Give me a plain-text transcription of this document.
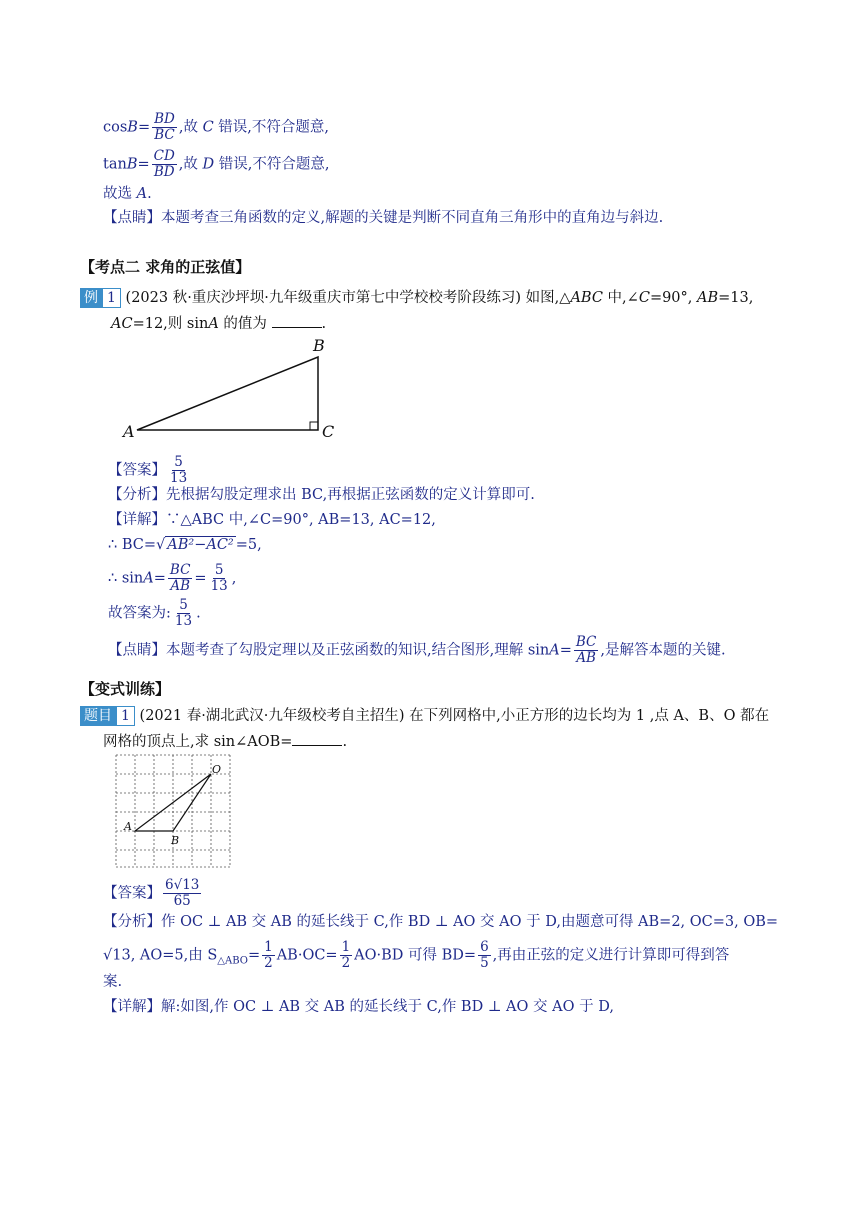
$\cos B= \frac{BD}{BC}$ ,故 C 错误,不符合题意,
$\tan B= \frac{CD}{BD}$ ,故 D 错误,不符合题意,
故选 A.
【点睛】本题考查三角函数的定义,解题的关键是判断不同直角三角形中的直角边与斜边.
【考点二 求角的正弦值】
例 1 (2023 秋·重庆沙坪坝·九年级重庆市第七中学校校考阶段练习) 如图,△ABC 中,∠C=90°, AB=13,
AC=12,则 sinA 的值为	.
A
B
C
【答案】 $\frac{5}{13}$
【分析】先根据勾股定理求出 BC,再根据正弦函数的定义计算即可.
【详解】∵△ABC 中,∠C=90°, AB=13, AC=12,
∴ BC=√ AB²−AC² =5,
∴ $\sin A= \frac{BC}{AB} = \frac{5}{13}$ ,
故答案为: $\frac{5}{13}$ .
【点睛】本题考查了勾股定理以及正弦函数的知识,结合图形,理解 $\sin A= \frac{BC}{AB}$ ,是解答本题的关键.
【变式训练】
题目 1 (2021 春·湖北武汉·九年级校考自主招生) 在下列网格中,小正方形的边长均为 1 ,点 A、B、O 都在
网格的顶点上,求 sin∠AOB=	.
O
A
B
【答案】 $\frac{6√13}{65}$
【分析】作 OC ⊥ AB 交 AB 的延长线于 C,作 BD ⊥ AO 交 AO 于 D,由题意可得 AB=2, OC=3, OB=
√13, AO=5,由 $S_{\triangle ABO}= \frac{1}{2} AB\cdot OC= \frac{1}{2} AO\cdot BD$ 可得 $BD= \frac{6}{5}$ ,再由正弦的定义进行计算即可得到答
案.
【详解】解:如图,作 OC ⊥ AB 交 AB 的延长线于 C,作 BD ⊥ AO 交 AO 于 D,
